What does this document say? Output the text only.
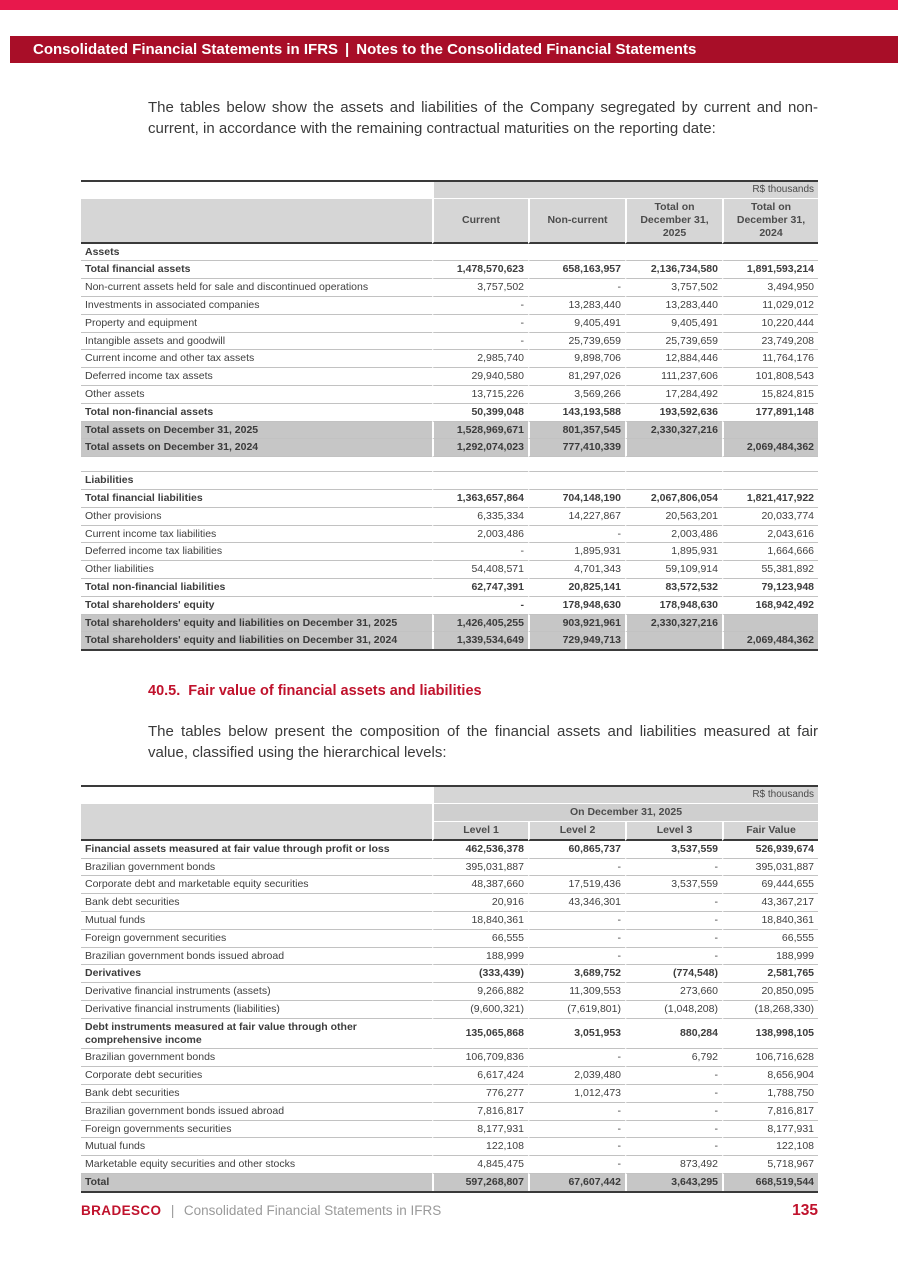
Consolidated Financial Statements in IFRS | Notes to the Consolidated Financial Statements

The tables below show the assets and liabilities of the Company segregated by current and non-current, in accordance with the remaining contractual maturities on the reporting date:

	R$ thousands			
	Current	Non-current	Total on December 31, 2025	Total on December 31, 2024
Assets				
Total financial assets	1,478,570,623	658,163,957	2,136,734,580	1,891,593,214
Non-current assets held for sale and discontinued operations	3,757,502	-	3,757,502	3,494,950
Investments in associated companies	-	13,283,440	13,283,440	11,029,012
Property and equipment	-	9,405,491	9,405,491	10,220,444
Intangible assets and goodwill	-	25,739,659	25,739,659	23,749,208
Current income and other tax assets	2,985,740	9,898,706	12,884,446	11,764,176
Deferred income tax assets	29,940,580	81,297,026	111,237,606	101,808,543
Other assets	13,715,226	3,569,266	17,284,492	15,824,815
Total non-financial assets	50,399,048	143,193,588	193,592,636	177,891,148
Total assets on December 31, 2025	1,528,969,671	801,357,545	2,330,327,216	
Total assets on December 31, 2024	1,292,074,023	777,410,339		2,069,484,362

Liabilities				
Total financial liabilities	1,363,657,864	704,148,190	2,067,806,054	1,821,417,922
Other provisions	6,335,334	14,227,867	20,563,201	20,033,774
Current income tax liabilities	2,003,486	-	2,003,486	2,043,616
Deferred income tax liabilities	-	1,895,931	1,895,931	1,664,666
Other liabilities	54,408,571	4,701,343	59,109,914	55,381,892
Total non-financial liabilities	62,747,391	20,825,141	83,572,532	79,123,948
Total shareholders' equity	-	178,948,630	178,948,630	168,942,492
Total shareholders' equity and liabilities on December 31, 2025	1,426,405,255	903,921,961	2,330,327,216	
Total shareholders' equity and liabilities on December 31, 2024	1,339,534,649	729,949,713		2,069,484,362
40.5. Fair value of financial assets and liabilities

The tables below present the composition of the financial assets and liabilities measured at fair value, classified using the hierarchical levels:

	R$ thousands			
	On December 31, 2025			
	Level 1	Level 2	Level 3	Fair Value
Financial assets measured at fair value through profit or loss	462,536,378	60,865,737	3,537,559	526,939,674
Brazilian government bonds	395,031,887	-	-	395,031,887
Corporate debt and marketable equity securities	48,387,660	17,519,436	3,537,559	69,444,655
Bank debt securities	20,916	43,346,301	-	43,367,217
Mutual funds	18,840,361	-	-	18,840,361
Foreign government securities	66,555	-	-	66,555
Brazilian government bonds issued abroad	188,999	-	-	188,999
Derivatives	(333,439)	3,689,752	(774,548)	2,581,765
Derivative financial instruments (assets)	9,266,882	11,309,553	273,660	20,850,095
Derivative financial instruments (liabilities)	(9,600,321)	(7,619,801)	(1,048,208)	(18,268,330)
Debt instruments measured at fair value through other comprehensive income	135,065,868	3,051,953	880,284	138,998,105
Brazilian government bonds	106,709,836	-	6,792	106,716,628
Corporate debt securities	6,617,424	2,039,480	-	8,656,904
Bank debt securities	776,277	1,012,473	-	1,788,750
Brazilian government bonds issued abroad	7,816,817	-	-	7,816,817
Foreign governments securities	8,177,931	-	-	8,177,931
Mutual funds	122,108	-	-	122,108
Marketable equity securities and other stocks	4,845,475	-	873,492	5,718,967
Total	597,268,807	67,607,442	3,643,295	668,519,544
BRADESCO | Consolidated Financial Statements in IFRS	135
